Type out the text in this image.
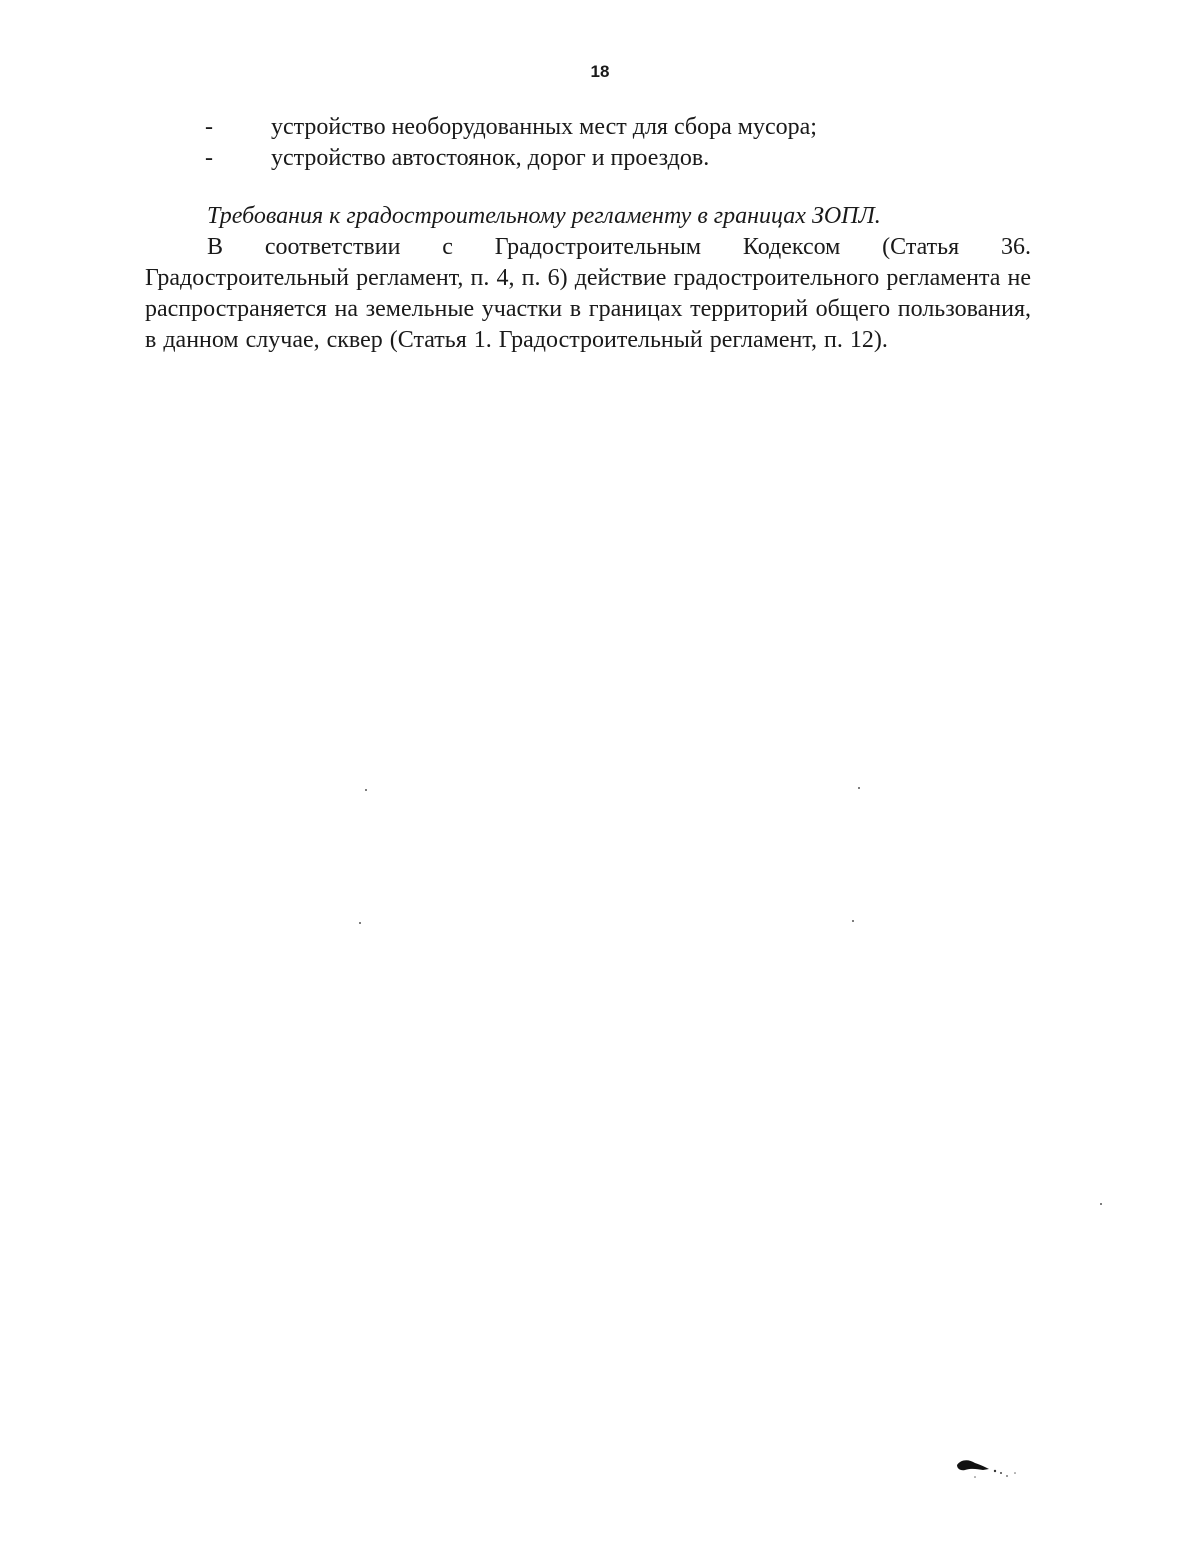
18
-	устройство необорудованных мест для сбора мусора;
-	устройство автостоянок, дорог и проездов.
Требования к градостроительному регламенту в границах ЗОПЛ.

В соответствии с Градостроительным Кодексом (Статья 36. Градостроительный регламент, п. 4, п. 6) действие градостроительного регламента не распространяется на земельные участки в границах территорий общего пользования, в данном случае, сквер (Статья 1. Градостроительный регламент, п. 12).
